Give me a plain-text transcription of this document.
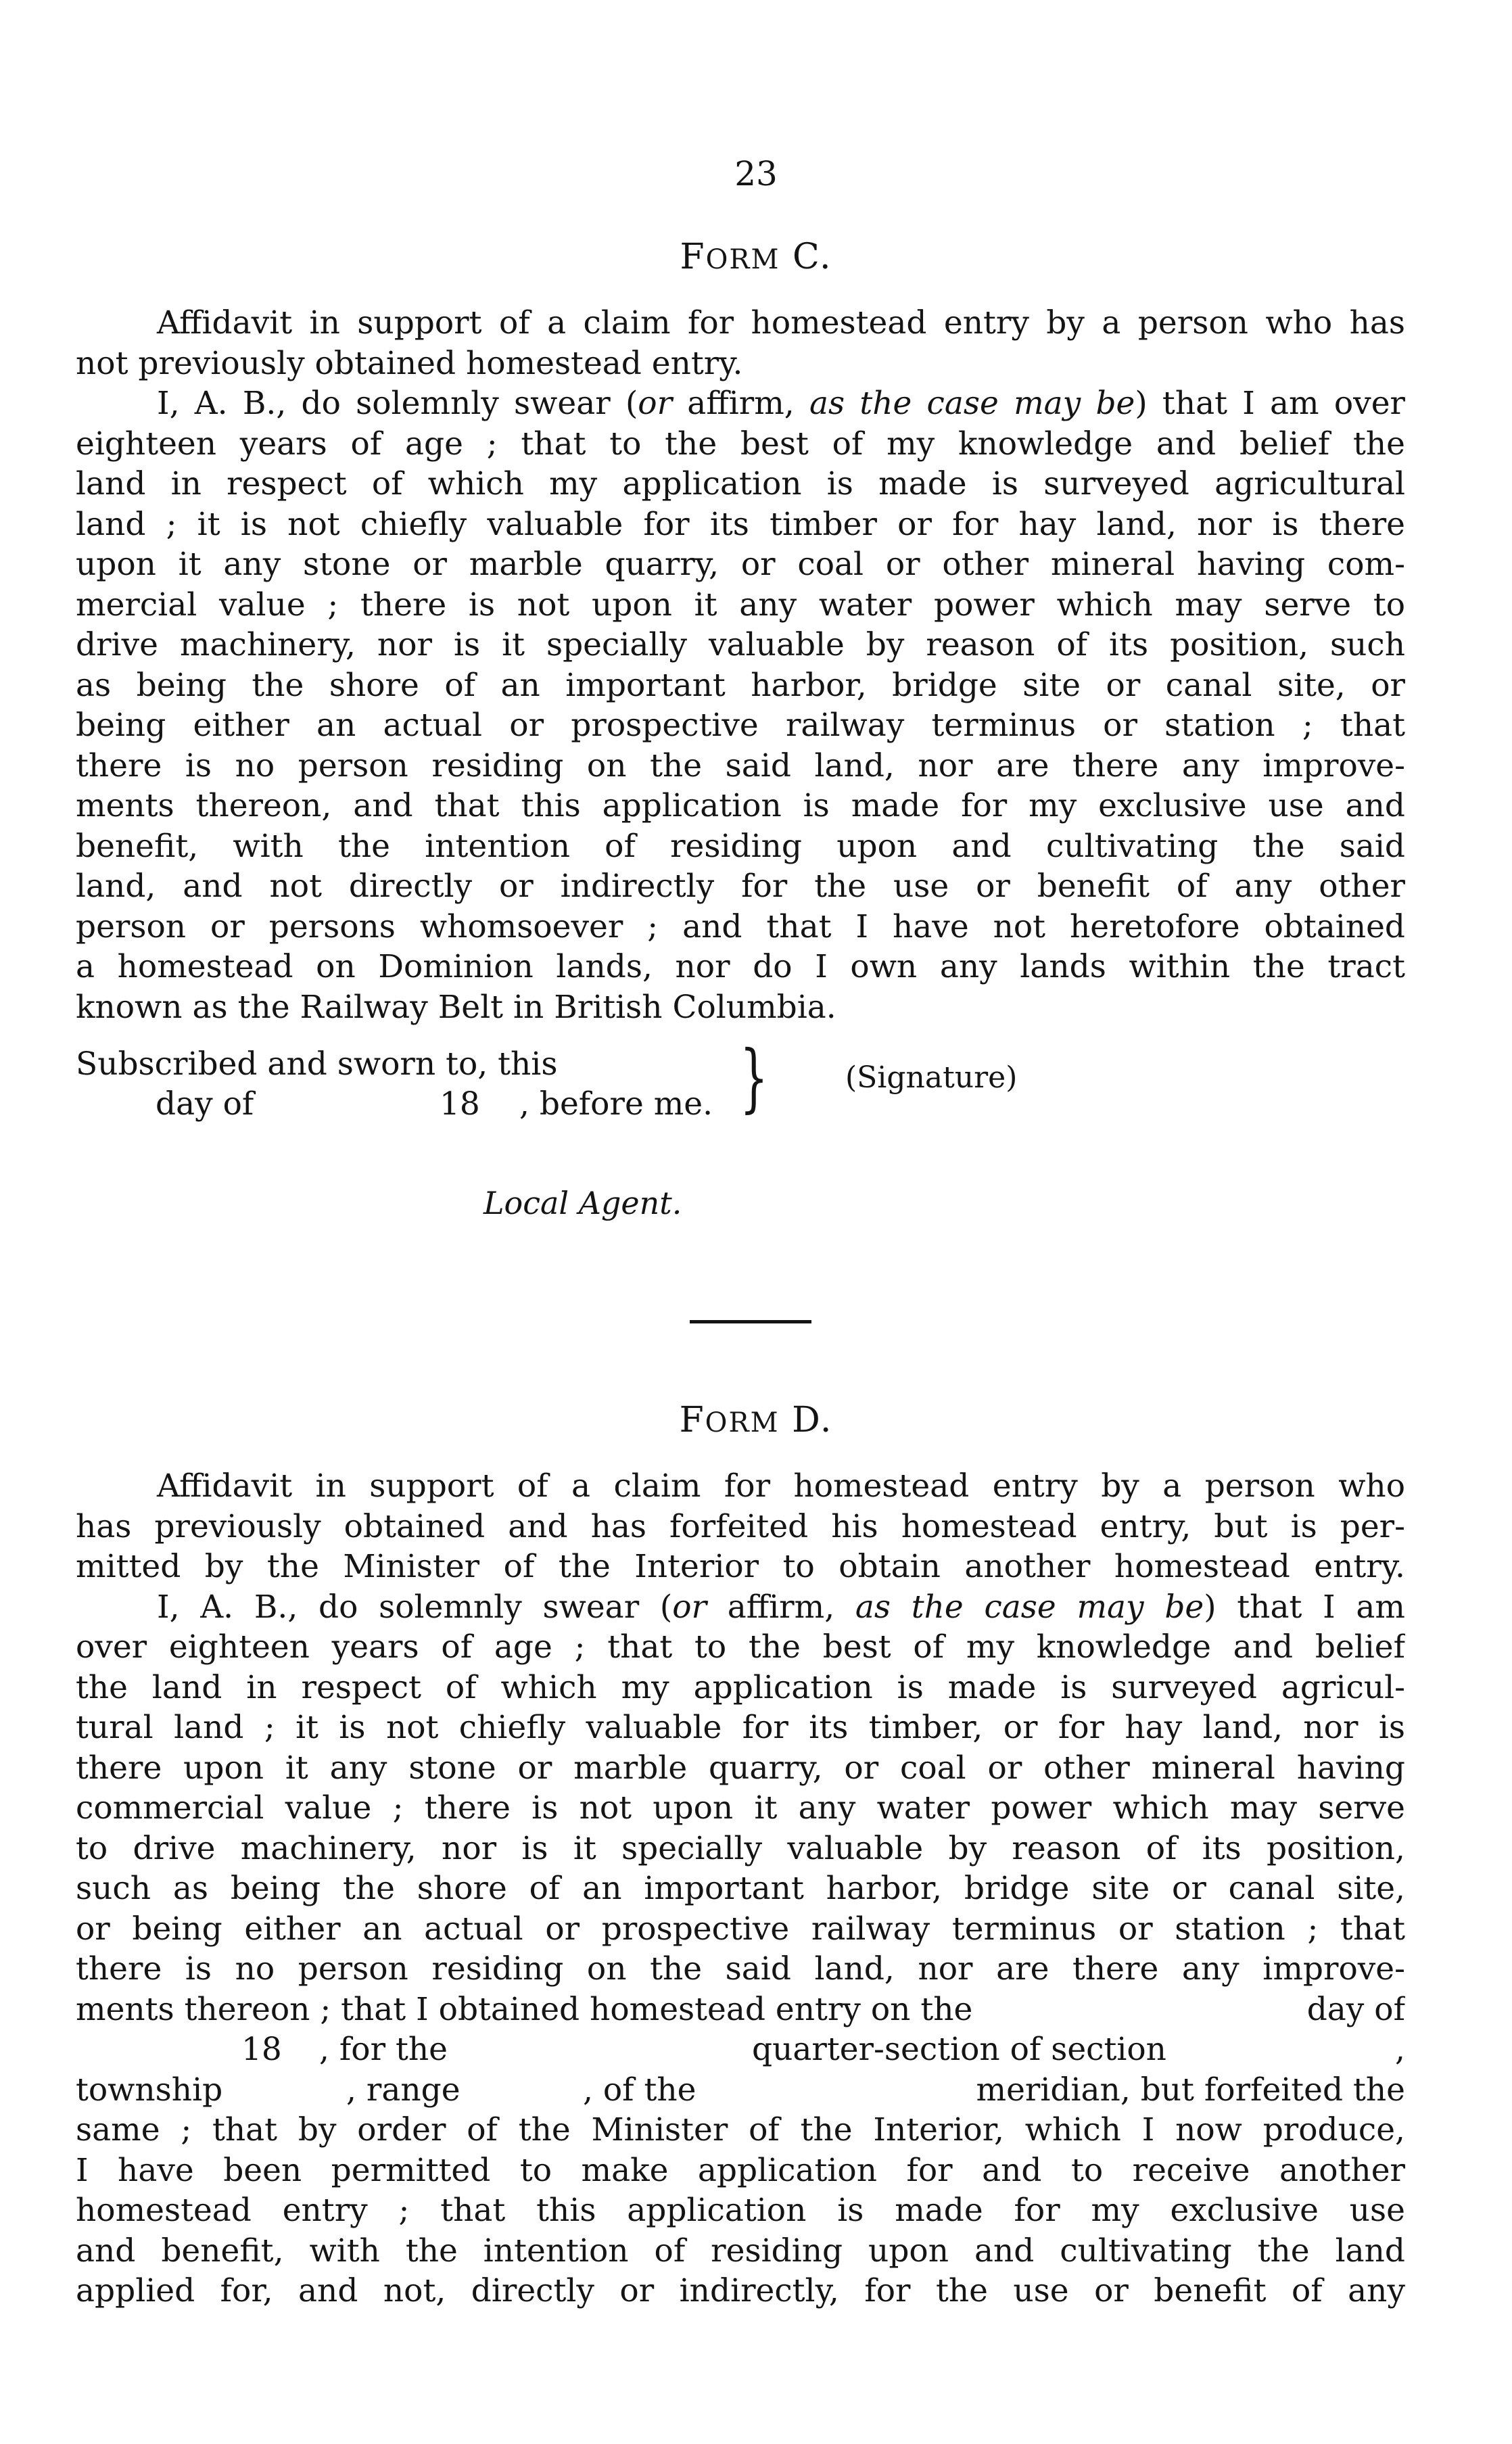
23
FORM C.
Affidavit in support of a claim for homestead entry by a person who has
not previously obtained homestead entry.
I, A. B., do solemnly swear (or affirm, as the case may be) that I am over
eighteen years of age ; that to the best of my knowledge and belief the
land in respect of which my application is made is surveyed agricultural
land ; it is not chiefly valuable for its timber or for hay land, nor is there
upon it any stone or marble quarry, or coal or other mineral having com-
mercial value ; there is not upon it any water power which may serve to
drive machinery, nor is it specially valuable by reason of its position, such
as being the shore of an important harbor, bridge site or canal site, or
being either an actual or prospective railway terminus or station ; that
there is no person residing on the said land, nor are there any improve-
ments thereon, and that this application is made for my exclusive use and
benefit, with the intention of residing upon and cultivating the said
land, and not directly or indirectly for the use or benefit of any other
person or persons whomsoever ; and that I have not heretofore obtained
a homestead on Dominion lands, nor do I own any lands within the tract
known as the Railway Belt in British Columbia.
Subscribed and sworn to, this
day of	18 , before me. }	(Signature)
Local Agent.
FORM D.
Affidavit in support of a claim for homestead entry by a person who
has previously obtained and has forfeited his homestead entry, but is per-
mitted by the Minister of the Interior to obtain another homestead entry.
I, A. B., do solemnly swear (or affirm, as the case may be) that I am
over eighteen years of age ; that to the best of my knowledge and belief
the land in respect of which my application is made is surveyed agricul-
tural land ; it is not chiefly valuable for its timber, or for hay land, nor is
there upon it any stone or marble quarry, or coal or other mineral having
commercial value ; there is not upon it any water power which may serve
to drive machinery, nor is it specially valuable by reason of its position,
such as being the shore of an important harbor, bridge site or canal site,
or being either an actual or prospective railway terminus or station ; that
there is no person residing on the said land, nor are there any improve-
ments thereon ; that I obtained homestead entry on the	day of
18 , for the	quarter-section of section	,
township	, range	, of the	meridian, but forfeited the
same ; that by order of the Minister of the Interior, which I now produce,
I have been permitted to make application for and to receive another
homestead entry ; that this application is made for my exclusive use
and benefit, with the intention of residing upon and cultivating the land
applied for, and not, directly or indirectly, for the use or benefit of any
